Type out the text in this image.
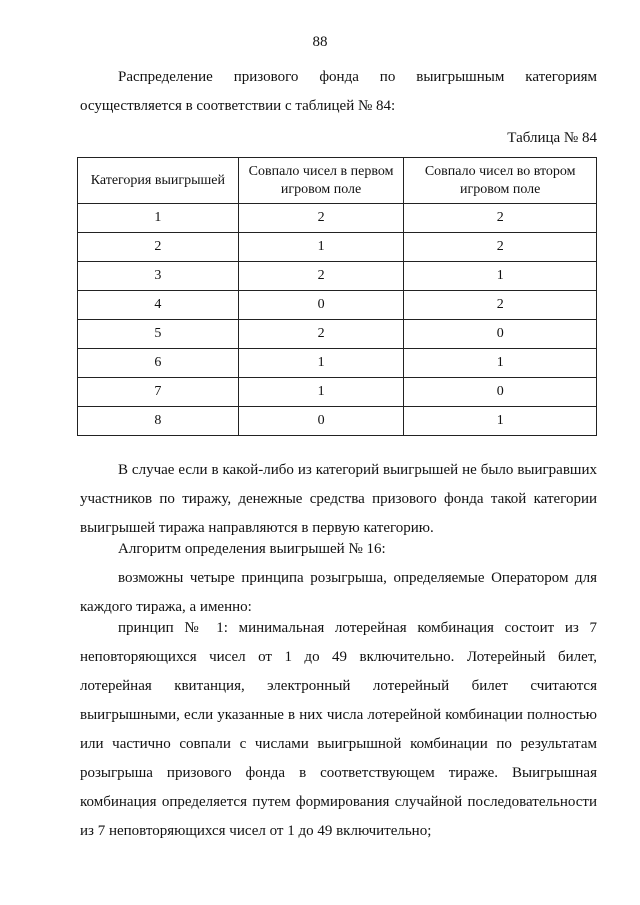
88

Распределение призового фонда по выигрышным категориям осуществляется в соответствии с таблицей № 84:

Таблица № 84
Категория выигрышей	Совпало чисел в первом игровом поле	Совпало чисел во втором игровом поле
1	2	2
2	1	2
3	2	1
4	0	2
5	2	0
6	1	1
7	1	0
8	0	1

В случае если в какой-либо из категорий выигрышей не было выигравших участников по тиражу, денежные средства призового фонда такой категории выигрышей тиража направляются в первую категорию.

Алгоритм определения выигрышей № 16:

возможны четыре принципа розыгрыша, определяемые Оператором для каждого тиража, а именно:

принцип № 1: минимальная лотерейная комбинация состоит из 7 неповторяющихся чисел от 1 до 49 включительно. Лотерейный билет, лотерейная квитанция, электронный лотерейный билет считаются выигрышными, если указанные в них числа лотерейной комбинации полностью или частично совпали с числами выигрышной комбинации по результатам розыгрыша призового фонда в соответствующем тираже. Выигрышная комбинация определяется путем формирования случайной последовательности из 7 неповторяющихся чисел от 1 до 49 включительно;
